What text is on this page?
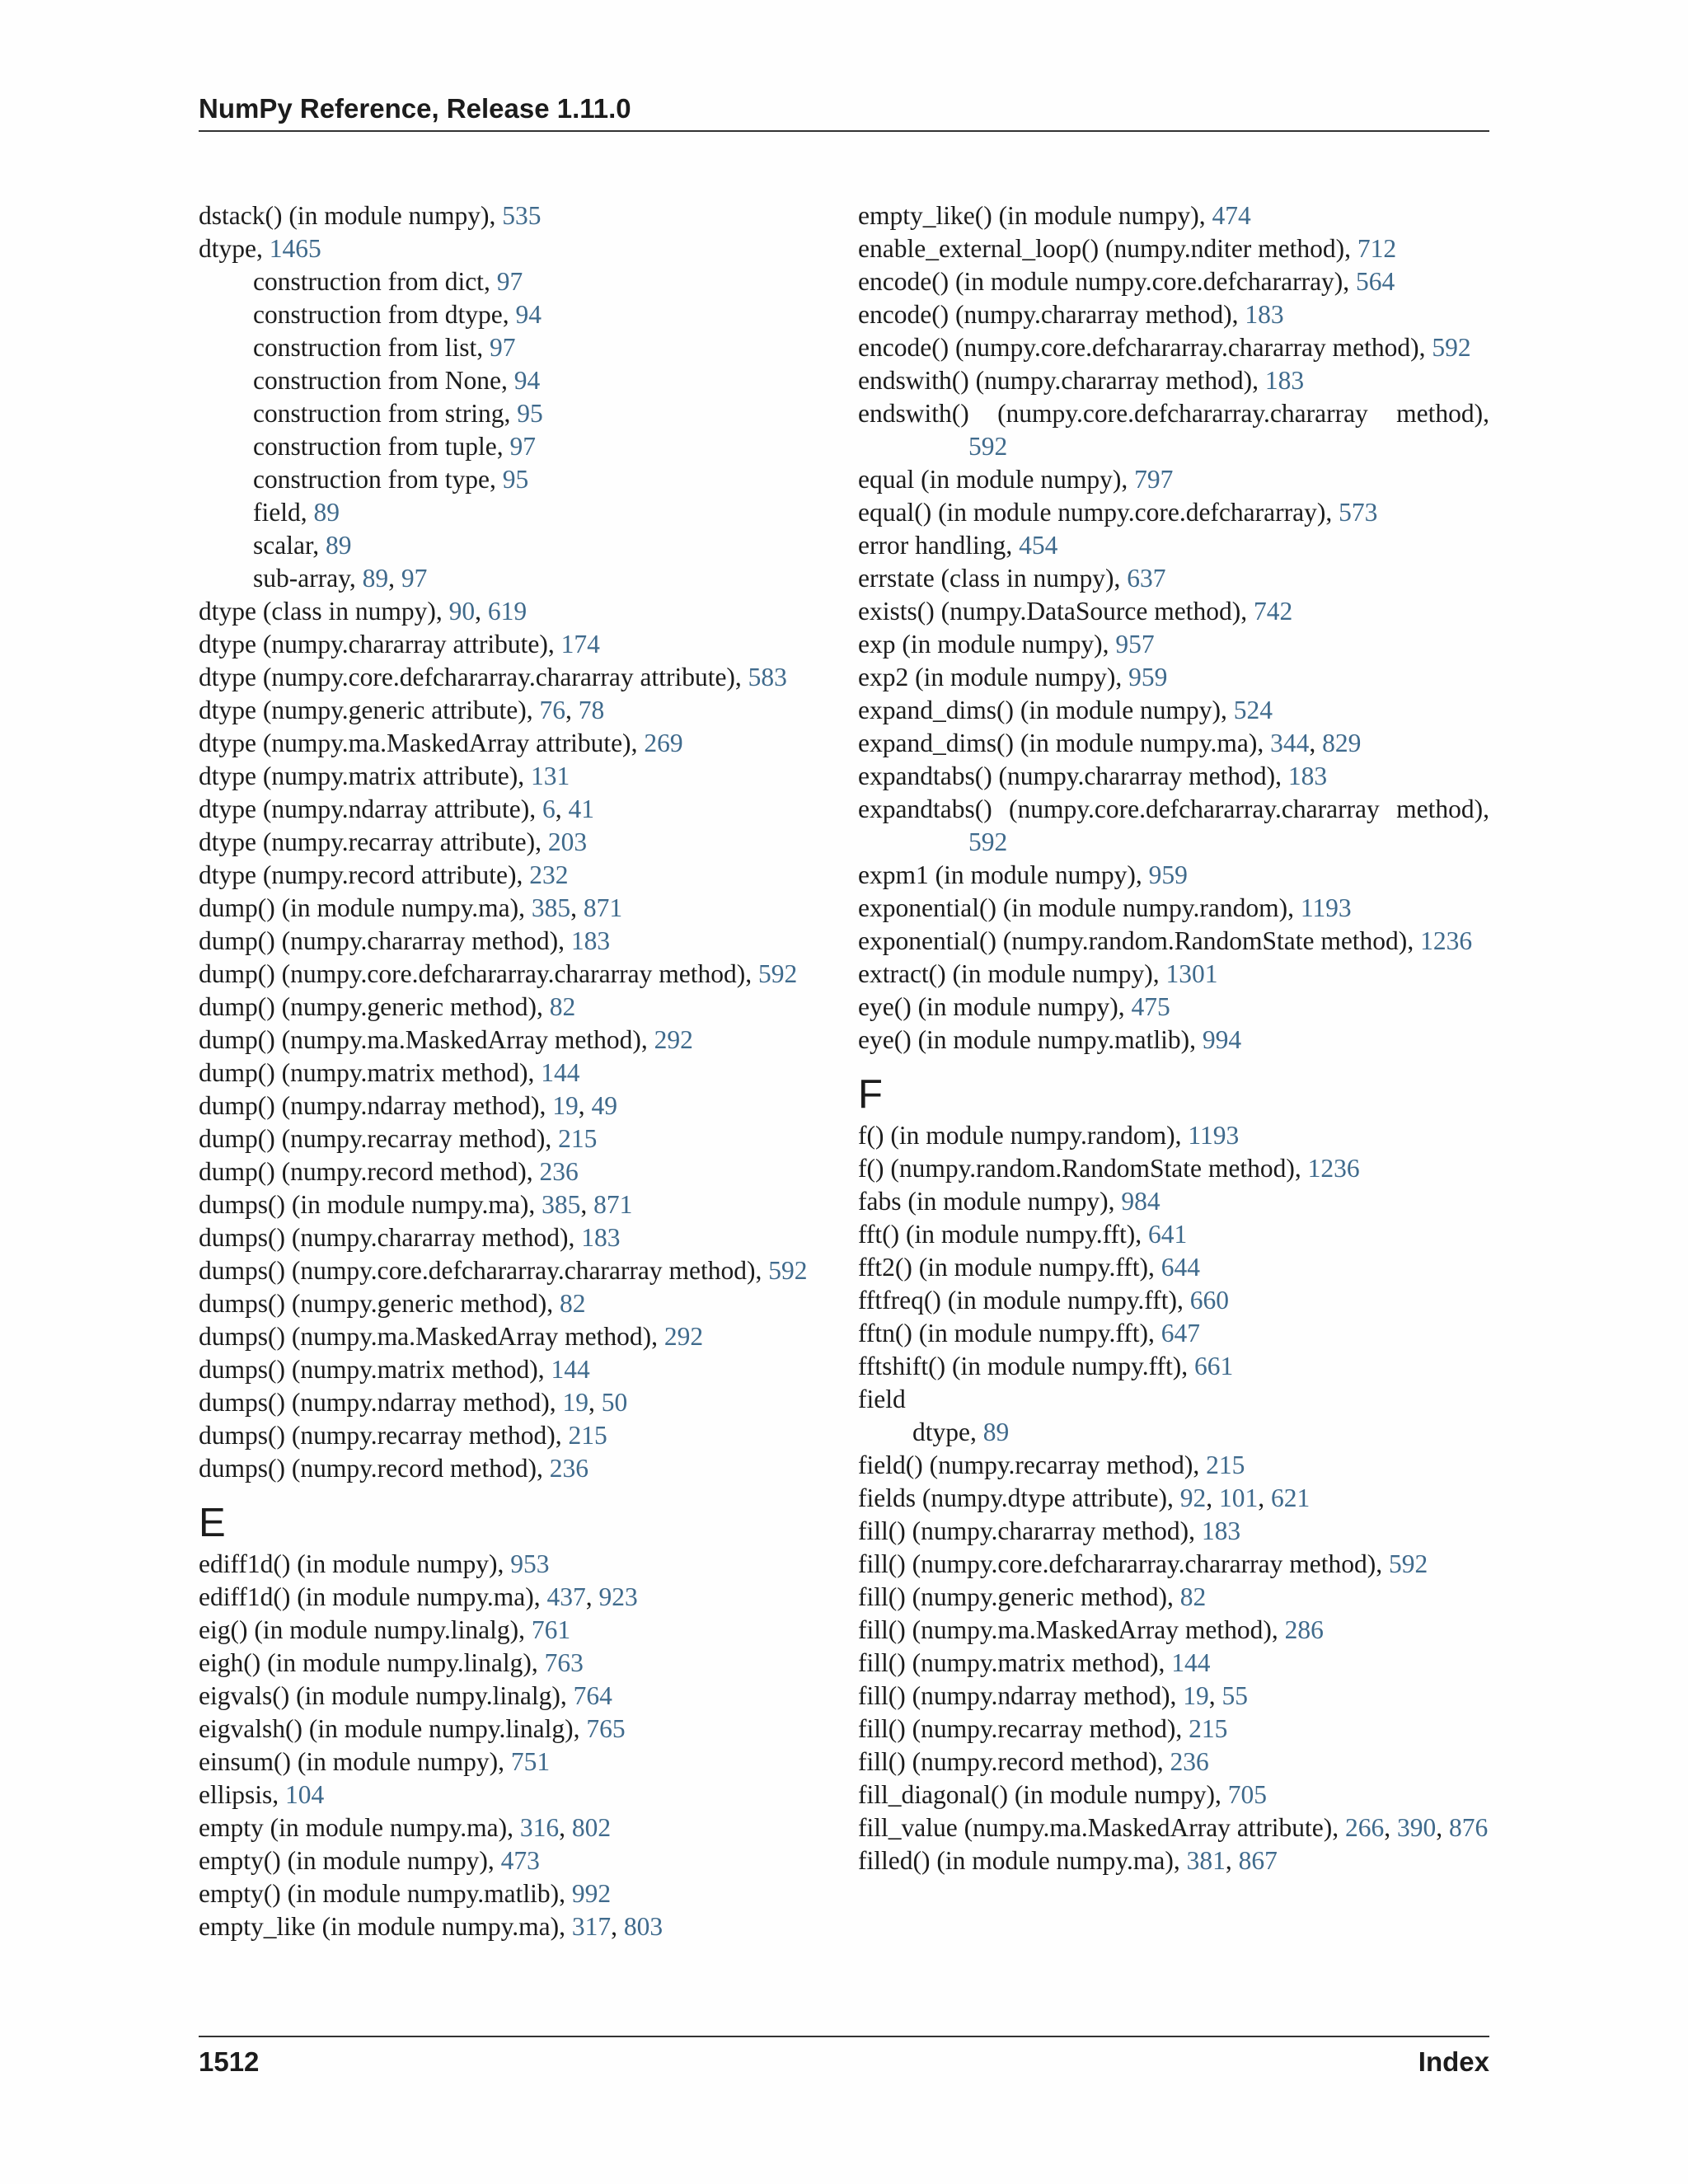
NumPy Reference, Release 1.11.0
dstack() (in module numpy), 535
dtype, 1465
construction from dict, 97
construction from dtype, 94
construction from list, 97
construction from None, 94
construction from string, 95
construction from tuple, 97
construction from type, 95
field, 89
scalar, 89
sub-array, 89, 97
dtype (class in numpy), 90, 619
dtype (numpy.chararray attribute), 174
dtype (numpy.core.defchararray.chararray attribute), 583
dtype (numpy.generic attribute), 76, 78
dtype (numpy.ma.MaskedArray attribute), 269
dtype (numpy.matrix attribute), 131
dtype (numpy.ndarray attribute), 6, 41
dtype (numpy.recarray attribute), 203
dtype (numpy.record attribute), 232
dump() (in module numpy.ma), 385, 871
dump() (numpy.chararray method), 183
dump() (numpy.core.defchararray.chararray method), 592
dump() (numpy.generic method), 82
dump() (numpy.ma.MaskedArray method), 292
dump() (numpy.matrix method), 144
dump() (numpy.ndarray method), 19, 49
dump() (numpy.recarray method), 215
dump() (numpy.record method), 236
dumps() (in module numpy.ma), 385, 871
dumps() (numpy.chararray method), 183
dumps() (numpy.core.defchararray.chararray method), 592
dumps() (numpy.generic method), 82
dumps() (numpy.ma.MaskedArray method), 292
dumps() (numpy.matrix method), 144
dumps() (numpy.ndarray method), 19, 50
dumps() (numpy.recarray method), 215
dumps() (numpy.record method), 236
E
ediff1d() (in module numpy), 953
ediff1d() (in module numpy.ma), 437, 923
eig() (in module numpy.linalg), 761
eigh() (in module numpy.linalg), 763
eigvals() (in module numpy.linalg), 764
eigvalsh() (in module numpy.linalg), 765
einsum() (in module numpy), 751
ellipsis, 104
empty (in module numpy.ma), 316, 802
empty() (in module numpy), 473
empty() (in module numpy.matlib), 992
empty_like (in module numpy.ma), 317, 803
empty_like() (in module numpy), 474
enable_external_loop() (numpy.nditer method), 712
encode() (in module numpy.core.defchararray), 564
encode() (numpy.chararray method), 183
encode() (numpy.core.defchararray.chararray method), 592
endswith() (numpy.chararray method), 183
endswith() (numpy.core.defchararray.chararray method), 592
equal (in module numpy), 797
equal() (in module numpy.core.defchararray), 573
error handling, 454
errstate (class in numpy), 637
exists() (numpy.DataSource method), 742
exp (in module numpy), 957
exp2 (in module numpy), 959
expand_dims() (in module numpy), 524
expand_dims() (in module numpy.ma), 344, 829
expandtabs() (numpy.chararray method), 183
expandtabs() (numpy.core.defchararray.chararray method), 592
expm1 (in module numpy), 959
exponential() (in module numpy.random), 1193
exponential() (numpy.random.RandomState method), 1236
extract() (in module numpy), 1301
eye() (in module numpy), 475
eye() (in module numpy.matlib), 994
F
f() (in module numpy.random), 1193
f() (numpy.random.RandomState method), 1236
fabs (in module numpy), 984
fft() (in module numpy.fft), 641
fft2() (in module numpy.fft), 644
fftfreq() (in module numpy.fft), 660
fftn() (in module numpy.fft), 647
fftshift() (in module numpy.fft), 661
field
dtype, 89
field() (numpy.recarray method), 215
fields (numpy.dtype attribute), 92, 101, 621
fill() (numpy.chararray method), 183
fill() (numpy.core.defchararray.chararray method), 592
fill() (numpy.generic method), 82
fill() (numpy.ma.MaskedArray method), 286
fill() (numpy.matrix method), 144
fill() (numpy.ndarray method), 19, 55
fill() (numpy.recarray method), 215
fill() (numpy.record method), 236
fill_diagonal() (in module numpy), 705
fill_value (numpy.ma.MaskedArray attribute), 266, 390, 876
filled() (in module numpy.ma), 381, 867
1512	Index
